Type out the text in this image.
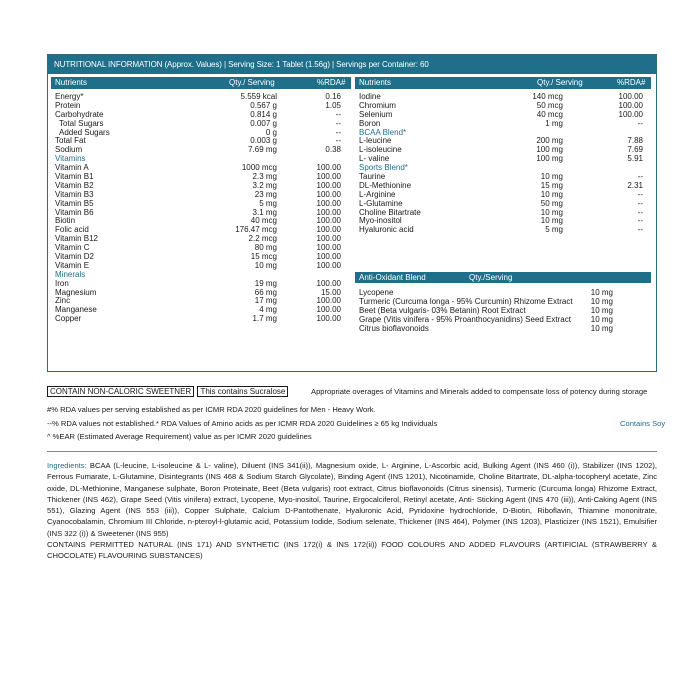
NUTRITIONAL INFORMATION (Approx. Values) | Serving Size: 1 Tablet (1.56g) | Servings per Container: 60
Nutrients	Qty./ Serving	%RDA# Nutrients	Qty./ Serving	%RDA#
Energy*	5.559 kcal	0.16
Protein	0.567 g	1.05
Carbohydrate	0.814 g	--
Total Sugars	0.007 g	--
Added Sugars	0 g	--
Total Fat	0.003 g	--
Sodium	7.69 mg	0.38
Vitamins
Vitamin A	1000 mcg	100.00
Vitamin B1	2.3 mg	100.00
Vitamin B2	3.2 mg	100.00
Vitamin B3	23 mg	100.00
Vitamin B5	5 mg	100.00
Vitamin B6	3.1 mg	100.00
Biotin	40 mcg	100.00
Folic acid	176.47 mcg	100.00
Vitamin B12	2.2 mcg	100.00
Vitamin C	80 mg	100.00
Vitamin D2	15 mcg	100.00
Vitamin E	10 mg	100.00
Minerals
Iron	19 mg	100.00
Magnesium	66 mg	15.00
Zinc	17 mg	100.00
Manganese	4 mg	100.00
Copper	1.7 mg	100.00
Iodine	140 mcg	100.00
Chromium	50 mcg	100.00
Selenium	40 mcg	100.00
Boron	1 mg	--
BCAA Blend*
L-leucine	200 mg	7.88
L-isoleucine	100 mg	7.69
L- valine	100 mg	5.91
Sports Blend*
Taurine	10 mg	--
DL-Methionine	15 mg	2.31
L-Arginine	10 mg	--
L-Glutamine	50 mg	--
Choline Bitartrate	10 mg	--
Myo-inositol	10 mg	--
Hyaluronic acid	5 mg	--
Anti-Oxidant Blend	Qty./Serving
Lycopene	10 mg
Turmeric (Curcuma longa - 95% Curcumin) Rhizome Extract 10 mg
Beet (Beta vulgaris- 03% Betanin) Root Extract	10 mg
Grape (Vitis vinifera - 95% Proanthocyanidins) Seed Extract 10 mg
Citrus bioflavonoids	10 mg
CONTAIN NON-CALORIC SWEETNER This contains Sucralose	Appropriate overages of Vitamins and Minerals added to compensate loss of potency during storage
#% RDA values per serving established as per ICMR RDA 2020 guidelines for Men - Heavy Work.
Contains Soy
--% RDA values not established.* RDA Values of Amino acids as per ICMR RDA 2020 Guidelines ≥ 65 kg Individuals
^ %EAR (Estimated Average Requirement) value as per ICMR 2020 guidelines
Ingredients: BCAA (L-leucine, L-isoleucine & L- valine), Diluent (INS 341(ii)), Magnesium oxide, L- Arginine, L-Ascorbic acid, Bulking Agent (INS 460 (i)), Stabilizer (INS 1202), Ferrous Fumarate, L-Glutamine, Disintegrants (INS 468 & Sodium Starch Glycolate), Binding Agent (INS 1201), Nicotinamide, Choline Bitartrate, DL-alpha-tocopheryl acetate, Zinc oxide, DL-Methionine, Manganese sulphate, Boron Proteinate, Beet (Beta vulgaris) root extract, Citrus bioflavonoids (Citrus sinensis), Turmeric (Curcuma longa) Rhizome Extract, Thickener (INS 462), Grape Seed (Vitis vinifera) extract, Lycopene, Myo-inositol, Taurine, Ergocalciferol, Retinyl acetate, Anti- Sticking Agent (INS 470 (iii)), Anti-Caking Agent (INS 551), Glazing Agent (INS 553 (iii)), Copper Sulphate, Calcium D-Pantothenate, Hyaluronic Acid, Pyridoxine hydrochloride, D-Biotin, Riboflavin, Thiamine mononitrate, Cyanocobalamin, Chromium III Chloride, n-pteroyl-l-glutamic acid, Potassium Iodide, Sodium selenate, Thickener (INS 464), Polymer (INS 1203), Plasticizer (INS 1521), Emulsifier (INS 322 (i)) & Sweetener (INS 955)
CONTAINS PERMITTED NATURAL (INS 171) AND SYNTHETIC (INS 172(i) & INS 172(ii)) FOOD COLOURS AND ADDED FLAVOURS (ARTIFICIAL (STRAWBERRY & CHOCOLATE) FLAVOURING SUBSTANCES)
